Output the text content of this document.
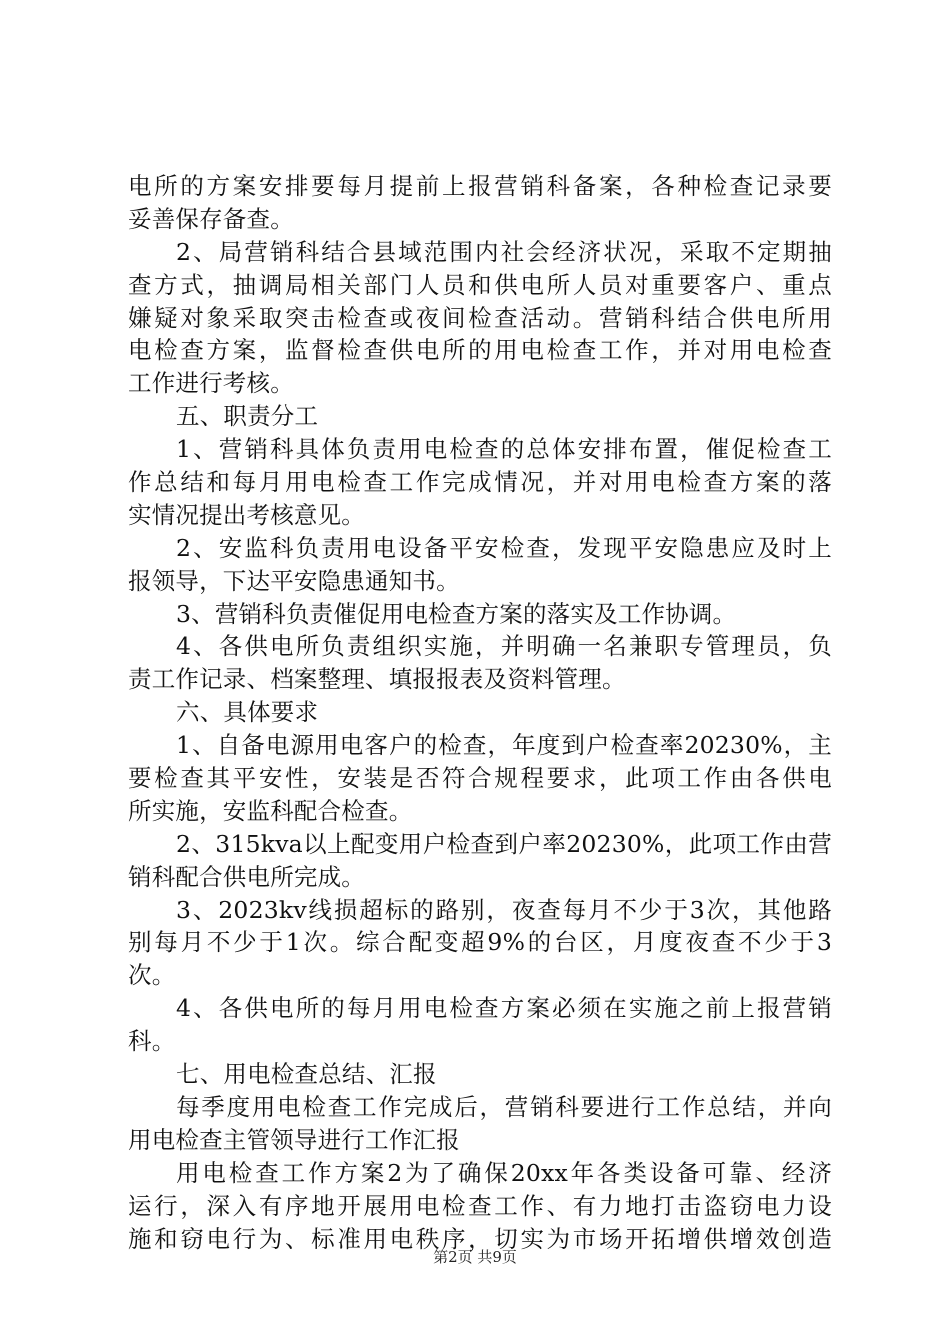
电所的方案安排要每月提前上报营销科备案，各种检查记录要
妥善保存备查。
2、局营销科结合县域范围内社会经济状况，采取不定期抽
查方式，抽调局相关部门人员和供电所人员对重要客户、重点
嫌疑对象采取突击检查或夜间检查活动。营销科结合供电所用
电检查方案，监督检查供电所的用电检查工作，并对用电检查
工作进行考核。
五、职责分工
1、营销科具体负责用电检查的总体安排布置，催促检查工
作总结和每月用电检查工作完成情况，并对用电检查方案的落
实情况提出考核意见。
2、安监科负责用电设备平安检查，发现平安隐患应及时上
报领导，下达平安隐患通知书。
3、营销科负责催促用电检查方案的落实及工作协调。
4、各供电所负责组织实施，并明确一名兼职专管理员，负
责工作记录、档案整理、填报报表及资料管理。
六、具体要求
1、自备电源用电客户的检查，年度到户检查率20230%，主
要检查其平安性，安装是否符合规程要求，此项工作由各供电
所实施，安监科配合检查。
2、315kva以上配变用户检查到户率20230%，此项工作由营
销科配合供电所完成。
3、2023kv线损超标的路别，夜查每月不少于3次，其他路
别每月不少于1次。综合配变超9%的台区，月度夜查不少于3
次。
4、各供电所的每月用电检查方案必须在实施之前上报营销
科。
七、用电检查总结、汇报
每季度用电检查工作完成后，营销科要进行工作总结，并向
用电检查主管领导进行工作汇报
用电检查工作方案2为了确保20xx年各类设备可靠、经济
运行，深入有序地开展用电检查工作、有力地打击盗窃电力设
施和窃电行为、标准用电秩序，切实为市场开拓增供增效创造
第2页 共9页
